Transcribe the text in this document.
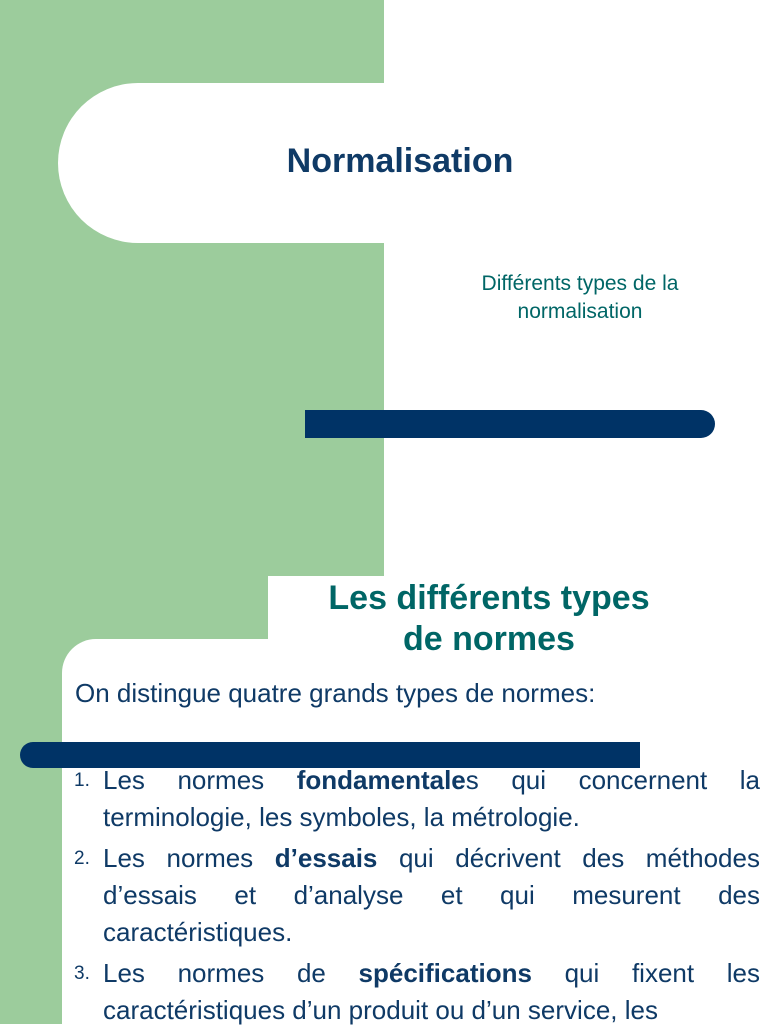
Normalisation

Différents types de la normalisation

Les différents types
de normes

On distingue quatre grands types de normes:

1. Les normes fondamentales qui concernent la terminologie, les symboles, la métrologie.
2. Les normes d’essais qui décrivent des méthodes d’essais et d’analyse et qui mesurent des caractéristiques.
3. Les normes de spécifications qui fixent les caractéristiques d’un produit ou d’un service, les
